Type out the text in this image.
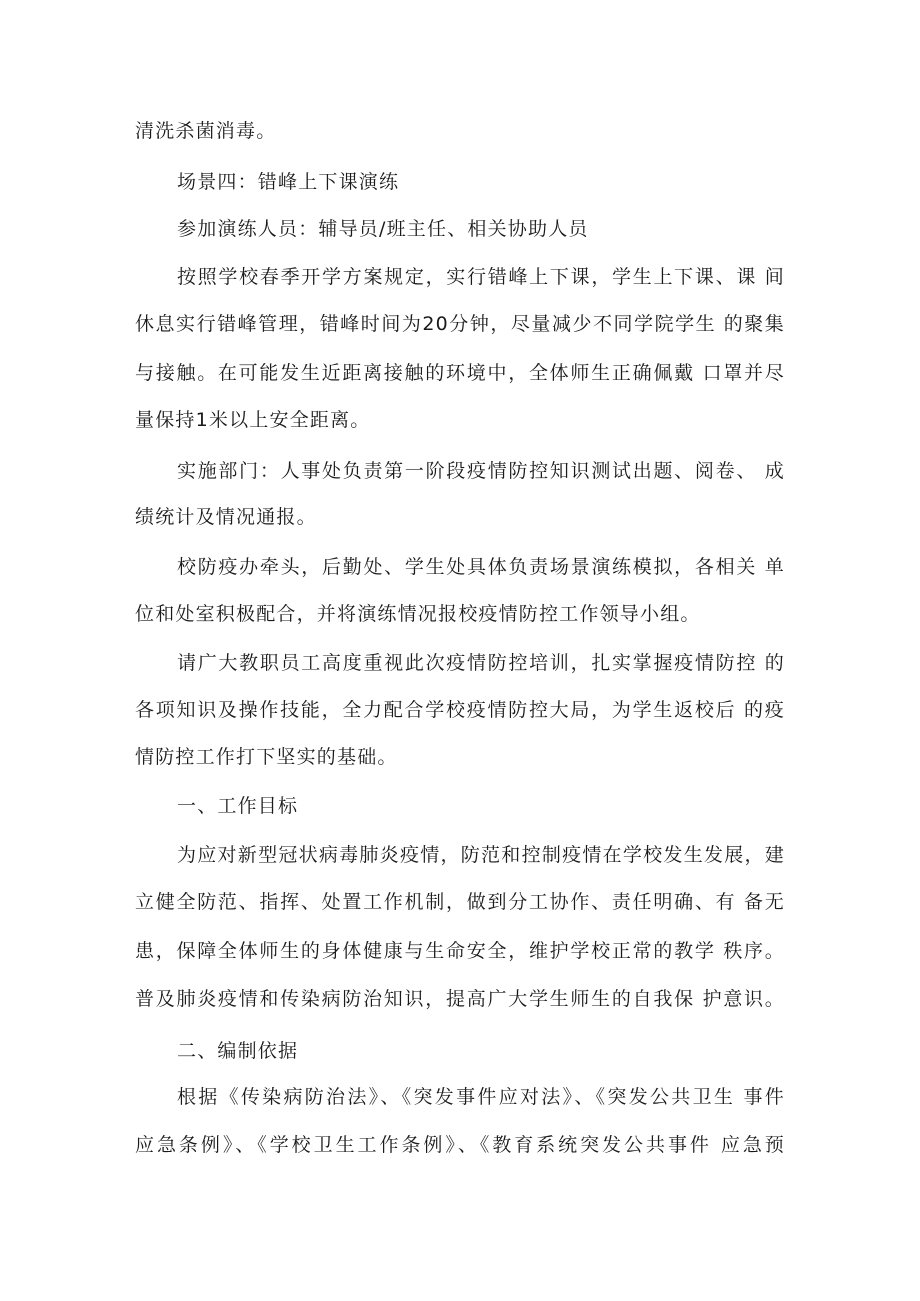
清洗杀菌消毒。
场景四：错峰上下课演练
参加演练人员：辅导员/班主任、相关协助人员
按照学校春季开学方案规定，实行错峰上下课，学生上下课、课 间
休息实行错峰管理，错峰时间为20分钟，尽量减少不同学院学生 的聚集
与接触。在可能发生近距离接触的环境中，全体师生正确佩戴 口罩并尽
量保持1米以上安全距离。
实施部门：人事处负责第一阶段疫情防控知识测试出题、阅卷、 成
绩统计及情况通报。
校防疫办牵头，后勤处、学生处具体负责场景演练模拟，各相关 单
位和处室积极配合，并将演练情况报校疫情防控工作领导小组。
请广大教职员工高度重视此次疫情防控培训，扎实掌握疫情防控 的
各项知识及操作技能，全力配合学校疫情防控大局，为学生返校后 的疫
情防控工作打下坚实的基础。
一、工作目标
为应对新型冠状病毒肺炎疫情，防范和控制疫情在学校发生发展，建
立健全防范、指挥、处置工作机制，做到分工协作、责任明确、有 备无
患，保障全体师生的身体健康与生命安全，维护学校正常的教学 秩序。
普及肺炎疫情和传染病防治知识，提高广大学生师生的自我保 护意识。
二、编制依据
根据《传染病防治法》、《突发事件应对法》、《突发公共卫生 事件
应急条例》、《学校卫生工作条例》、《教育系统突发公共事件 应急预
